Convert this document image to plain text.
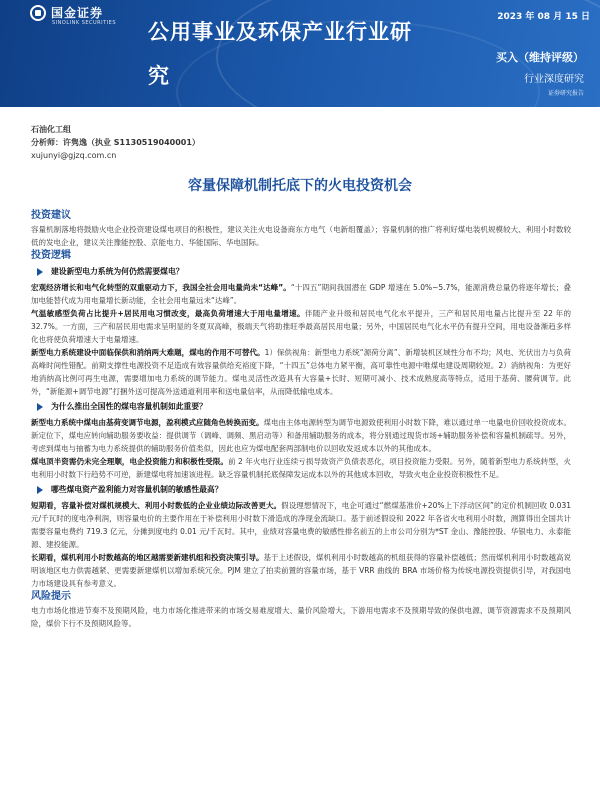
国金证券
SINOLINK SECURITIES 公用事业及环保产业行业研究
2023 年 08 月 15 日
买入（维持评级）
行业深度研究
证券研究报告
石油化工组
分析师：许隽逸（执业 S1130519040001）
xujunyi@gjzq.com.cn
容量保障机制托底下的火电投资机会
投资建议

容量机制落地将鼓励火电企业投资建设煤电项目的积极性，建议关注火电设备商东方电气（电新组覆盖）；容量机制的推广将利好煤电装机规模较大、利用小时数较低的发电企业，建议关注豫能控股、京能电力、华能国际、华电国际。

投资逻辑
建设新型电力系统为何仍然需要煤电？

宏观经济增长和电气化转型的双重驱动力下，我国全社会用电量尚未“达峰”。“十四五”期间我国潜在 GDP 增速在 5.0%~5.7%，能源消费总量仍将逐年增长；叠加电能替代成为用电量增长新动能，全社会用电量远未“达峰”。

气温敏感型负荷占比提升+居民用电习惯改变，最高负荷增速大于用电量增速。伴随产业升级和居民电气化水平提升，三产和居民用电量占比提升至 22 年的 32.7%。一方面，三产和居民用电需求呈明显的冬夏双高峰，极端天气将助推旺季最高居民用电量；另外，中国居民电气化水平仍有提升空间，用电设备渐趋多样化也将使负荷增速大于电量增速。

新型电力系统建设中面临保供和消纳两大难题，煤电的作用不可替代。1）保供视角：新型电力系统“源荷分离”、新增装机区域性分布不均；风电、光伏出力与负荷高峰时间性错配。前期支撑性电源投资不足造成有效容量供给充裕度下降，“十四五”总体电力紧平衡，高可靠性电源中唯煤电建设周期较短。2）消纳视角：为更好地消纳高比例可再生电源，需要增加电力系统的调节能力。煤电灵活性改造具有大容量+长时、短期可减小、技术成熟度高等特点，适用于基荷、腰荷调节。此外，“新能源+调节电源”打捆外送可提高外送通道利用率和送电量信率，从而降低输电成本。

为什么推出全国性的煤电容量机制如此重要？

新型电力系统中煤电由基荷变调节电源，盈利模式应随角色转换而变。煤电由主体电源转型为调节电源致使利用小时数下降，难以通过单一电量电价回收投资成本。新定位下，煤电应转向辅助服务要收益：提供调节（调峰、调频、黑启动等）和备用辅助服务的成本，将分别通过现货市场+辅助服务补偿和容量机制疏导。另外，考虑到煤电与抽蓄为电力系统提供的辅助服务价值类似，因此也应为煤电配套两部制电价以回收发返成本以外的其他成本。

煤电顶半资需仍未完全理顺，电企投资能力和积极性受限。前 2 年火电行业连续亏损导致资产负债表恶化，项目投资能力受限。另外，随着新型电力系统转型，火电利用小时数下行趋势不可逆，新建煤电将加速该进程。缺乏容量机制托底保障发运成本以外的其他成本回收，导致火电企业投资积极性不足。

哪些煤电资产盈利能力对容量机制的敏感性最高？

短期看，容量补偿对煤机规模大、利用小时数低的企业业绩边际改善更大。假设理想情况下，电企可通过“燃煤基准价+20%上下浮动区间”的定价机制回收 0.031 元/千瓦时的度电净利润，则容量电价的主要作用在于补偿利用小时数下滑造成的净现金流缺口。基于前述假设和 2022 年各省火电利用小时数，测算得出全国共计需要容量电费约 719.3 亿元，分摊到度电约 0.01 元/千瓦时。其中，业绩对容量电费的敏感性排名前五的上市公司分别为*ST 金山、豫能控股、华银电力、永泰能源、建投能源。

长期看，煤机利用小时数越高的地区越需要新建机组和投资决策引导。基于上述假设，煤机利用小时数越高的机组获得的容量补偿越低；然而煤机利用小时数越高说明该地区电力供需越紧、更需要新建煤机以增加系统冗余。PJM 建立了拍卖前置的容量市场，基于 VRR 曲线的 BRA 市场价格为传统电源投资提供引导，对我国电力市场建设具有参考意义。

风险提示

电力市场化推进节奏不及预期风险，电力市场化推进带来的市场交易难度增大、量价风险增大，下游用电需求不及预期导致的保供电源、调节资源需求不及预期风险，煤价下行不及预期风险等。
